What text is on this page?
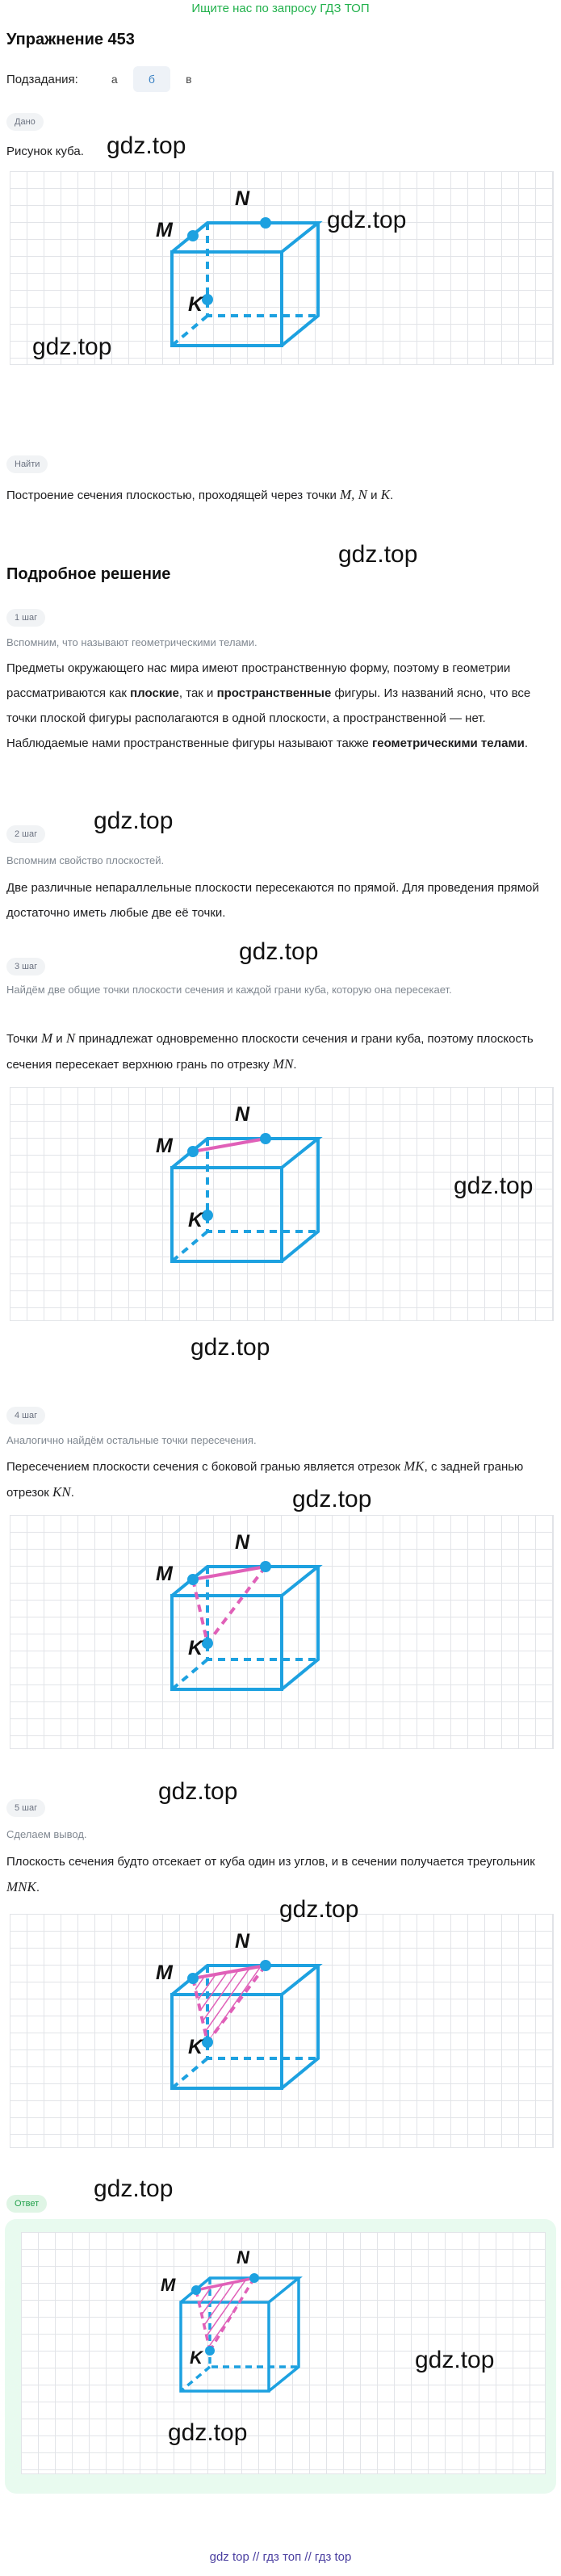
Ищите нас по запросу ГДЗ ТОП
Упражнение 453
Подзадания:	а	б	в
Дано
Рисунок куба.
M
N
K
gdz.top
gdz.top
gdz.top
Найти
Построение сечения плоскостью, проходящей через точки M, N и K.
Подробное решение
gdz.top
1 шаг
Вспомним, что называют геометрическими телами.
Предметы окружающего нас мира имеют пространственную форму, поэтому в геометрии рассматриваются как плоские, так и пространственные фигуры. Из названий ясно, что все точки плоской фигуры располагаются в одной плоскости, а пространственной — нет. Наблюдаемые нами пространственные фигуры называют также геометрическими телами.
gdz.top
2 шаг
Вспомним свойство плоскостей.
Две различные непараллельные плоскости пересекаются по прямой. Для проведения прямой достаточно иметь любые две её точки.
gdz.top
3 шаг
Найдём две общие точки плоскости сечения и каждой грани куба, которую она пересекает.
Точки M и N принадлежат одновременно плоскости сечения и грани куба, поэтому плоскость сечения пересекает верхнюю грань по отрезку MN.
M
N
K
gdz.top
gdz.top
4 шаг
Аналогично найдём остальные точки пересечения.
Пересечением плоскости сечения с боковой гранью является отрезок MK, с задней гранью отрезок KN.
M
N
K
gdz.top
gdz.top
5 шаг
Сделаем вывод.
Плоскость сечения будто отсекает от куба один из углов, и в сечении получается треугольник MNK.
M
N
K
gdz.top
gdz.top
Ответ
M
N
K	gdz.top
gdz.top
gdz top // гдз топ // гдз top
